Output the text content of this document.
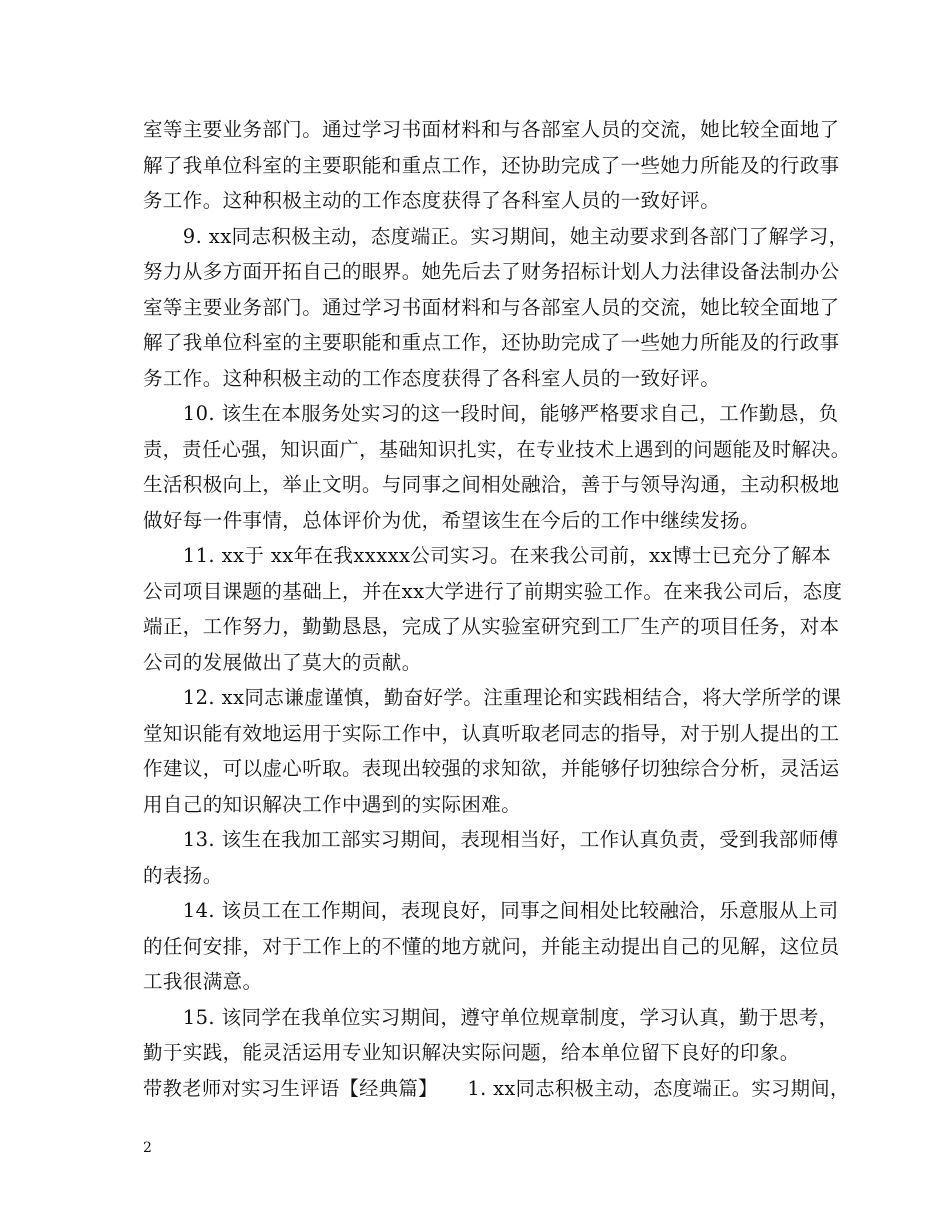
室等主要业务部门。通过学习书面材料和与各部室人员的交流，她比较全面地了
解了我单位科室的主要职能和重点工作，还协助完成了一些她力所能及的行政事
务工作。这种积极主动的工作态度获得了各科室人员的一致好评。
　　9. xx同志积极主动，态度端正。实习期间，她主动要求到各部门了解学习，
努力从多方面开拓自己的眼界。她先后去了财务招标计划人力法律设备法制办公
室等主要业务部门。通过学习书面材料和与各部室人员的交流，她比较全面地了
解了我单位科室的主要职能和重点工作，还协助完成了一些她力所能及的行政事
务工作。这种积极主动的工作态度获得了各科室人员的一致好评。
　　10. 该生在本服务处实习的这一段时间，能够严格要求自己，工作勤恳，负
责，责任心强，知识面广，基础知识扎实，在专业技术上遇到的问题能及时解决。
生活积极向上，举止文明。与同事之间相处融洽，善于与领导沟通，主动积极地
做好每一件事情，总体评价为优，希望该生在今后的工作中继续发扬。
　　11. xx于 xx年在我xxxxx公司实习。在来我公司前，xx博士已充分了解本
公司项目课题的基础上，并在xx大学进行了前期实验工作。在来我公司后，态度
端正，工作努力，勤勤恳恳，完成了从实验室研究到工厂生产的项目任务，对本
公司的发展做出了莫大的贡献。
　　12. xx同志谦虚谨慎，勤奋好学。注重理论和实践相结合，将大学所学的课
堂知识能有效地运用于实际工作中，认真听取老同志的指导，对于别人提出的工
作建议，可以虚心听取。表现出较强的求知欲，并能够仔切独综合分析，灵活运
用自己的知识解决工作中遇到的实际困难。
　　13. 该生在我加工部实习期间，表现相当好，工作认真负责，受到我部师傅
的表扬。
　　14. 该员工在工作期间，表现良好，同事之间相处比较融洽，乐意服从上司
的任何安排，对于工作上的不懂的地方就问，并能主动提出自己的见解，这位员
工我很满意。
　　15. 该同学在我单位实习期间，遵守单位规章制度，学习认真，勤于思考，
勤于实践，能灵活运用专业知识解决实际问题，给本单位留下良好的印象。
带教老师对实习生评语【经典篇】　　1. xx同志积极主动，态度端正。实习期间，
2
